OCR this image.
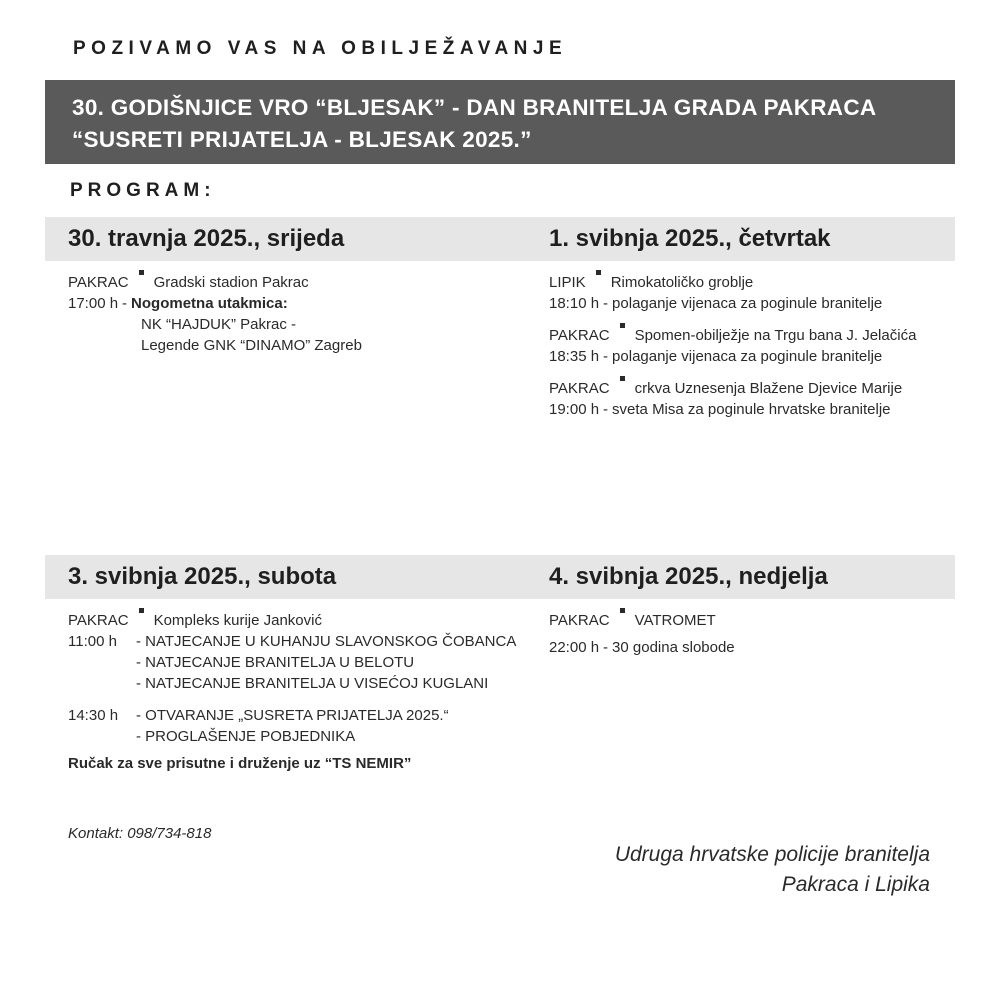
POZIVAMO VAS NA OBILJEŽAVANJE
30. GODIŠNJICE VRO “BLJESAK” - DAN BRANITELJA GRADA PAKRACA
“SUSRETI PRIJATELJA - BLJESAK 2025.”
PROGRAM:
30. travnja 2025., srijeda	1. svibnja 2025., četvrtak
3. svibnja 2025., subota	4. svibnja 2025., nedjelja
PAKRAC Gradski stadion Pakrac
17:00 h - Nogometna utakmica:
NK “HAJDUK” Pakrac -
Legende GNK “DINAMO” Zagreb
LIPIK Rimokatoličko groblje
18:10 h - polaganje vijenaca za poginule branitelje
PAKRAC Spomen-obilježje na Trgu bana J. Jelačića
18:35 h - polaganje vijenaca za poginule branitelje
PAKRAC crkva Uznesenja Blažene Djevice Marije
19:00 h - sveta Misa za poginule hrvatske branitelje
PAKRAC Kompleks kurije Janković
11:00 h	- NATJECANJE U KUHANJU SLAVONSKOG ČOBANCA
- NATJECANJE BRANITELJA U BELOTU
- NATJECANJE BRANITELJA U VISEĆOJ KUGLANI
14:30 h	- OTVARANJE „SUSRETA PRIJATELJA 2025.“
- PROGLAŠENJE POBJEDNIKA
Ručak za sve prisutne i druženje uz “TS NEMIR”
PAKRAC VATROMET
22:00 h - 30 godina slobode
Kontakt: 098/734-818
Udruga hrvatske policije branitelja
Pakraca i Lipika
